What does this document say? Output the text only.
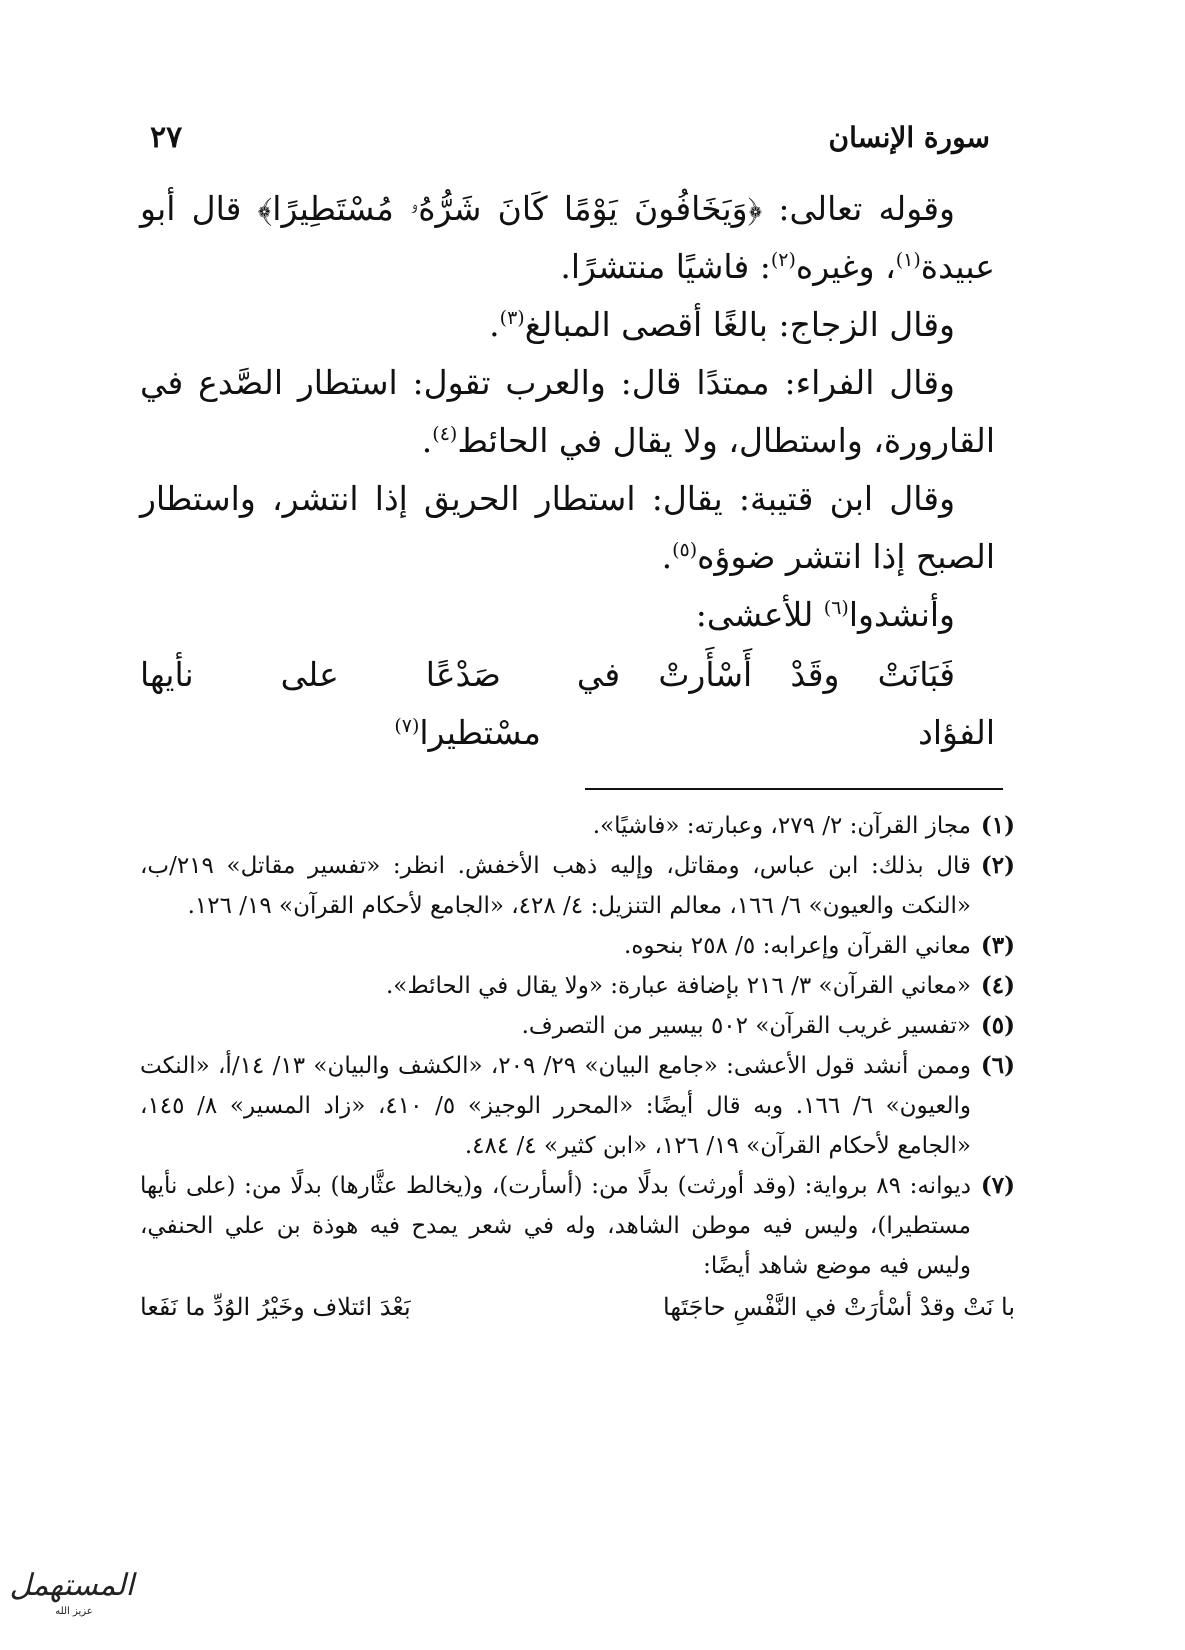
سورة الإنسان
٢٧

وقوله تعالى: ﴿وَيَخَافُونَ يَوْمًا كَانَ شَرُّهُۥ مُسْتَطِيرًا﴾ قال أبو عبيدة$^{(١)}$، وغيره$^{(٢)}$: فاشيًا منتشرًا.

وقال الزجاج: بالغًا أقصى المبالغ$^{(٣)}$.

وقال الفراء: ممتدًا قال: والعرب تقول: استطار الصَّدع في القارورة، واستطال، ولا يقال في الحائط$^{(٤)}$.

وقال ابن قتيبة: يقال: استطار الحريق إذا انتشر، واستطار الصبح إذا انتشر ضوؤه$^{(٥)}$.

وأنشدوا$^{(٦)}$ للأعشى:

فَبَانَتْ وقَدْ أَسْأَرتْ في الفؤاد
صَدْعًا على نأيها مسْتطيرا$^{(٧)}$
(١)
مجاز القرآن: ٢/ ٢٧٩، وعبارته: «فاشيًا».
(٢)
قال بذلك: ابن عباس، ومقاتل، وإليه ذهب الأخفش. انظر: «تفسير مقاتل» ٢١٩/ب، «النكت والعيون» ٦/ ١٦٦، معالم التنزيل: ٤/ ٤٢٨، «الجامع لأحكام القرآن» ١٩/ ١٢٦.
(٣)
معاني القرآن وإعرابه: ٥/ ٢٥٨ بنحوه.
(٤)
«معاني القرآن» ٣/ ٢١٦ بإضافة عبارة: «ولا يقال في الحائط».
(٥)
«تفسير غريب القرآن» ٥٠٢ بيسير من التصرف.
(٦)
وممن أنشد قول الأعشى: «جامع البيان» ٢٩/ ٢٠٩، «الكشف والبيان» ١٣/ ١٤/أ، «النكت والعيون» ٦/ ١٦٦. وبه قال أيضًا: «المحرر الوجيز» ٥/ ٤١٠، «زاد المسير» ٨/ ١٤٥، «الجامع لأحكام القرآن» ١٩/ ١٢٦، «ابن كثير» ٤/ ٤٨٤.
(٧)
ديوانه: ٨٩ برواية: (وقد أورثت) بدلًا من: (أسأرت)، و(يخالط عثَّارها) بدلًا من: (على نأيها مستطيرا)، وليس فيه موطن الشاهد، وله في شعر يمدح فيه هوذة بن علي الحنفي، وليس فيه موضع شاهد أيضًا:
با نَتْ وقدْ أسْأرَتْ في النَّفْسِ حاجَتَها
بَعْدَ ائتلاف وخَيْرُ الوُدِّ ما نَفَعا
المستهمل
عزيز الله
